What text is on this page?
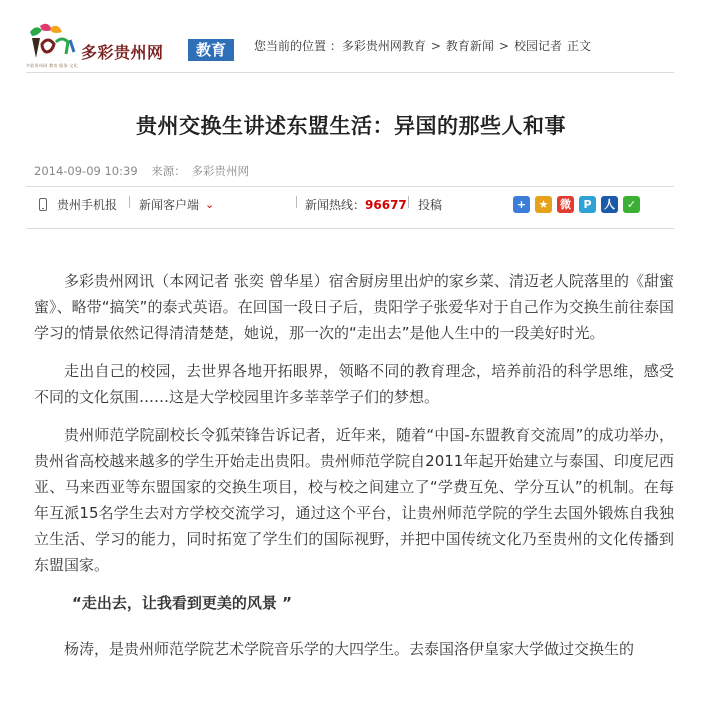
多彩贵州网 教育·服务·文化
多彩贵州网	教育	您当前的位置 ： 多彩贵州网教育 > 教育新闻 > 校园记者 正文
贵州交换生讲述东盟生活：异国的那些人和事
2014-09-09 10:39 来源： 多彩贵州网
贵州手机报 新闻客户端 ⌄	新闻热线： 96677 投稿	+	★	微	P	人	✓

多彩贵州网讯（本网记者 张奕 曾华星）宿舍厨房里出炉的家乡菜、清迈老人院落里的《甜蜜蜜》、略带“搞笑”的泰式英语。在回国一段日子后，贵阳学子张爱华对于自己作为交换生前往泰国学习的情景依然记得清清楚楚，她说，那一次的“走出去”是他人生中的一段美好时光。

走出自己的校园，去世界各地开拓眼界，领略不同的教育理念，培养前沿的科学思维，感受不同的文化氛围……这是大学校园里许多莘莘学子们的梦想。

贵州师范学院副校长令狐荣锋告诉记者，近年来，随着“中国-东盟教育交流周”的成功举办，贵州省高校越来越多的学生开始走出贵阳。贵州师范学院自2011年起开始建立与泰国、印度尼西亚、马来西亚等东盟国家的交换生项目，校与校之间建立了“学费互免、学分互认”的机制。在每年互派15名学生去对方学校交流学习，通过这个平台，让贵州师范学院的学生去国外锻炼自我独立生活、学习的能力，同时拓宽了学生们的国际视野，并把中国传统文化乃至贵州的文化传播到东盟国家。

“走出去，让我看到更美的风景 ”

杨涛，是贵州师范学院艺术学院音乐学的大四学生。去泰国洛伊皇家大学做过交换生的
